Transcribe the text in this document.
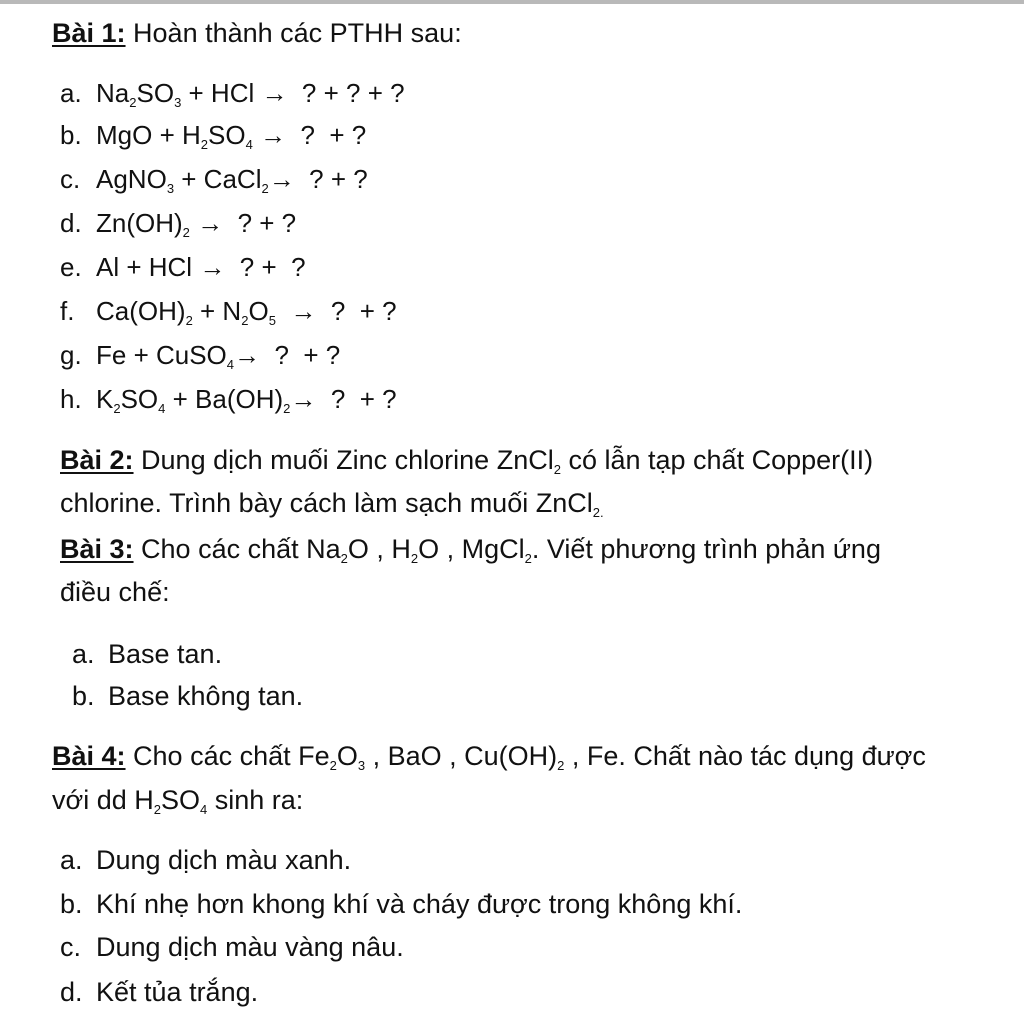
Bài 1: Hoàn thành các PTHH sau:
a. $Na_2SO_3$ + HCl →  ? + ? + ?
b. MgO + $H_2SO_4$ →  ?  + ?
c. AgNO$_3$ + CaCl$_2$→  ? + ?
d. $Zn(OH)_2$ →  ? + ?
e. Al + HCl →  ? +  ?
f. $Ca(OH)_2 + N_2O_5$ →  ?  + ?
g. Fe + CuSO$_4$→  ?  + ?
h. $K_2SO_4 + Ba(OH)_2\to$  ?  + ?
Bài 2: Dung dịch muối Zinc chlorine ZnCl$_2$ có lẫn tạp chất Copper(II)
chlorine. Trình bày cách làm sạch muối ZnCl$_{2.}$
Bài 3: Cho các chất $Na_2O$ , $H_2O$ , MgCl$_2$. Viết phương trình phản ứng
điều chế:
a. Base tan.
b. Base không tan.
Bài 4: Cho các chất $Fe_2O_3$ , BaO , $Cu(OH)_2$ , Fe. Chất nào tác dụng được
với dd $H_2SO_4$ sinh ra:
a. Dung dịch màu xanh.
b. Khí nhẹ hơn khong khí và cháy được trong không khí.
c. Dung dịch màu vàng nâu.
d. Kết tủa trắng.
